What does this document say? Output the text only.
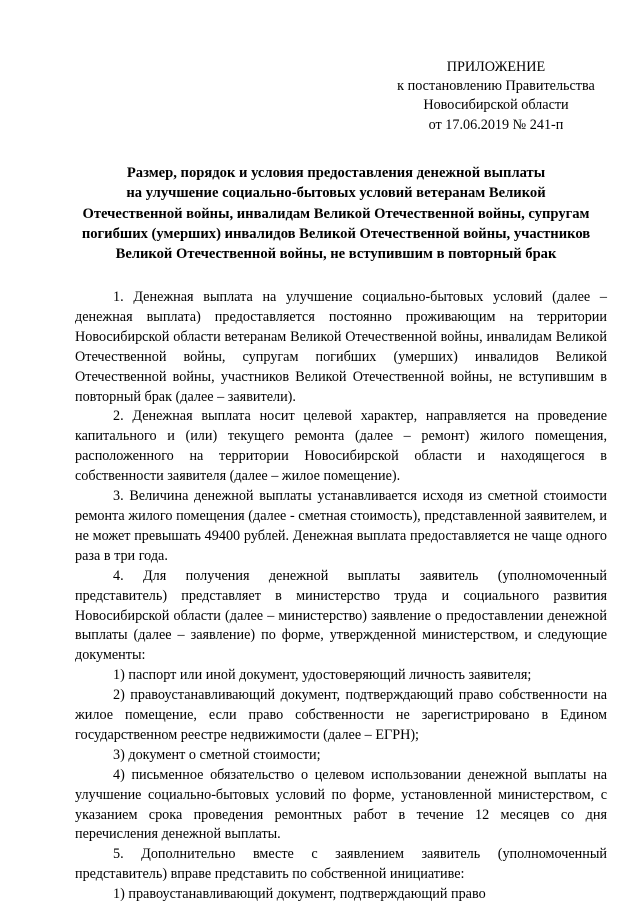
ПРИЛОЖЕНИЕ
к постановлению Правительства
Новосибирской области
от 17.06.2019 № 241-п
Размер, порядок и условия предоставления денежной выплаты
на улучшение социально-бытовых условий ветеранам Великой
Отечественной войны, инвалидам Великой Отечественной войны, супругам
погибших (умерших) инвалидов Великой Отечественной войны, участников
Великой Отечественной войны, не вступившим в повторный брак

1. Денежная выплата на улучшение социально-бытовых условий (далее – денежная выплата) предоставляется постоянно проживающим на территории Новосибирской области ветеранам Великой Отечественной войны, инвалидам Великой Отечественной войны, супругам погибших (умерших) инвалидов Великой Отечественной войны, участников Великой Отечественной войны, не вступившим в повторный брак (далее – заявители).

2. Денежная выплата носит целевой характер, направляется на проведение капитального и (или) текущего ремонта (далее – ремонт) жилого помещения, расположенного на территории Новосибирской области и находящегося в собственности заявителя (далее – жилое помещение).

3. Величина денежной выплаты устанавливается исходя из сметной стоимости ремонта жилого помещения (далее - сметная стоимость), представленной заявителем, и не может превышать 49400 рублей. Денежная выплата предоставляется не чаще одного раза в три года.

4. Для получения денежной выплаты заявитель (уполномоченный представитель) представляет в министерство труда и социального развития Новосибирской области (далее – министерство) заявление о предоставлении денежной выплаты (далее – заявление) по форме, утвержденной министерством, и следующие документы:

1) паспорт или иной документ, удостоверяющий личность заявителя;

2) правоустанавливающий документ, подтверждающий право собственности на жилое помещение, если право собственности не зарегистрировано в Едином государственном реестре недвижимости (далее – ЕГРН);

3) документ о сметной стоимости;

4) письменное обязательство о целевом использовании денежной выплаты на улучшение социально-бытовых условий по форме, установленной министерством, с указанием срока проведения ремонтных работ в течение 12 месяцев со дня перечисления денежной выплаты.

5. Дополнительно вместе с заявлением заявитель (уполномоченный представитель) вправе представить по собственной инициативе:

1) правоустанавливающий документ, подтверждающий право
